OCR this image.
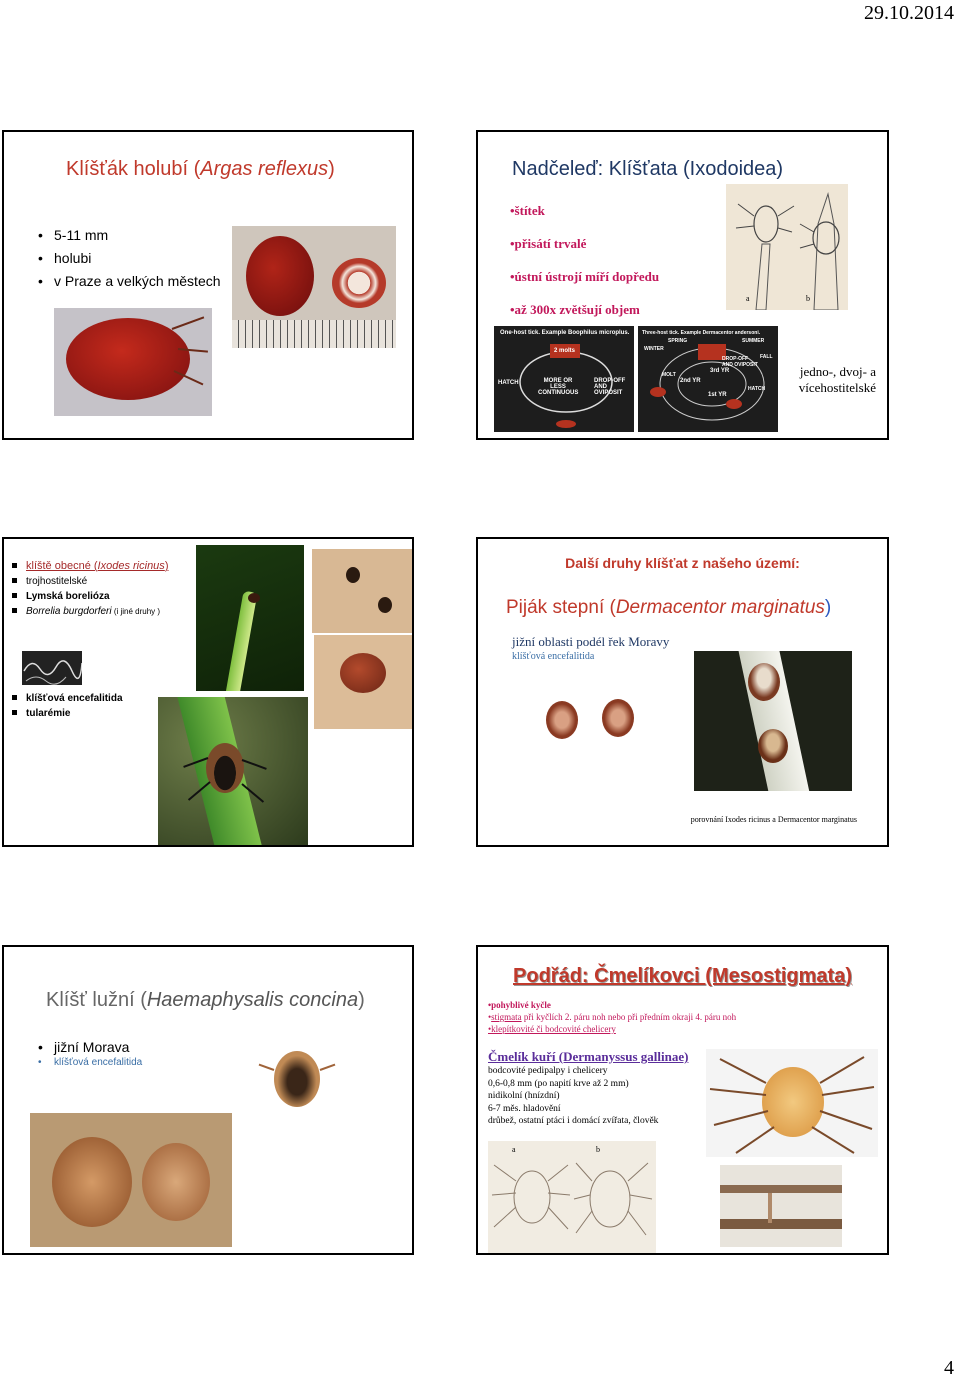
29.10.2014
Klíšťák holubí (Argas reflexus)
• 5-11 mm
• holubi
• v Praze a velkých městech
Nadčeleď: Klíšťata (Ixodoidea)
•štítek
•přisátí trvalé
•ústní ústrojí míří dopředu
•až 300x zvětšují objem
a	b
One-host tick. Example Boophilus microplus.
2 molts
HATCH	MORE OR LESS CONTINUOUS
DROP-OFF AND OVIPOSIT
Three-host tick. Example Dermacentor andersoni.
SPRING	SUMMER
WINTER
FALL
3rd YR
2nd YR
1st YR
MOLT
HATCH
DROP-OFF AND OVIPOSIT	jedno-, dvoj- a
vícehostitelské
klíště obecné (Ixodes ricinus)
trojhostitelské
Lymská borelióza
Borrelia burgdorferi (i jiné druhy )
klíšťová encefalitida
tularémie
Další druhy klíšťat z našeho území:
Piják stepní (Dermacentor marginatus)
jižní oblasti podél řek Moravy
klíšťová encefalitida
porovnání Ixodes ricinus a Dermacentor marginatus
Klíšť lužní (Haemaphysalis concina)
• jižní Morava
• klíšťová encefalitida
Podřád: Čmelíkovci (Mesostigmata)
•pohyblivé kyčle
•stigmata při kyčlích 2. páru noh nebo při předním okraji 4. páru noh
•klepítkovité či bodcovité chelicery
Čmelík kuří (Dermanyssus gallinae)
bodcovité pedipalpy i chelicery
0,6-0,8 mm (po napití krve až 2 mm)
nidikolní (hnízdní)
6-7 měs. hladovění
drůbež, ostatní ptáci i domácí zvířata, člověk
a	b
4
